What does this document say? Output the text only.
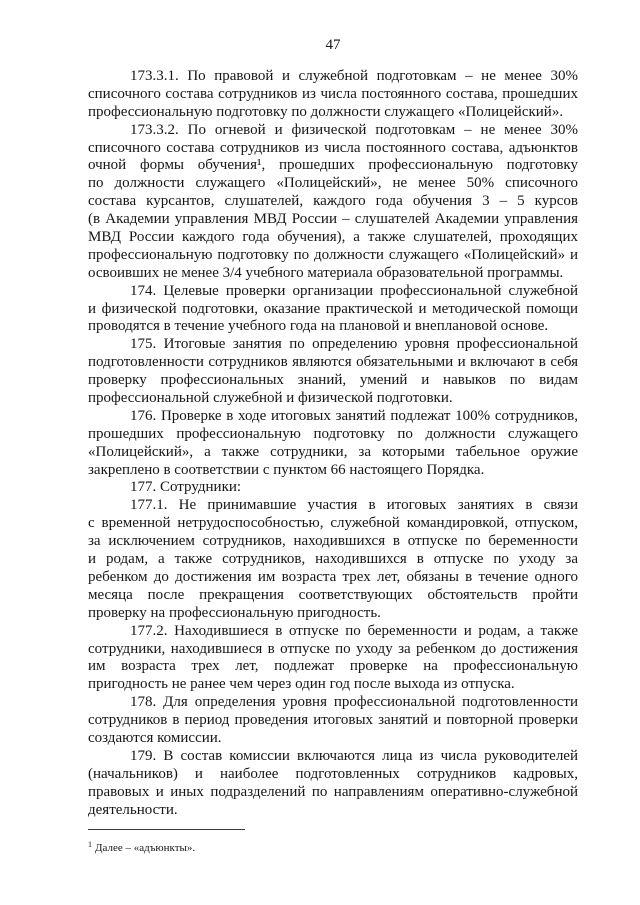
47
173.3.1. По правовой и служебной подготовкам – не менее 30%
списочного состава сотрудников из числа постоянного состава, прошедших
профессиональную подготовку по должности служащего «Полицейский».
173.3.2. По огневой и физической подготовкам – не менее 30%
списочного состава сотрудников из числа постоянного состава, адъюнктов
очной формы обучения¹, прошедших профессиональную подготовку
по должности служащего «Полицейский», не менее 50% списочного
состава курсантов, слушателей, каждого года обучения 3 – 5 курсов
(в Академии управления МВД России – слушателей Академии управления
МВД России каждого года обучения), а также слушателей, проходящих
профессиональную подготовку по должности служащего «Полицейский» и
освоивших не менее 3/4 учебного материала образовательной программы.
174. Целевые проверки организации профессиональной служебной
и физической подготовки, оказание практической и методической помощи
проводятся в течение учебного года на плановой и внеплановой основе.
175. Итоговые занятия по определению уровня профессиональной
подготовленности сотрудников являются обязательными и включают в себя
проверку профессиональных знаний, умений и навыков по видам
профессиональной служебной и физической подготовки.
176. Проверке в ходе итоговых занятий подлежат 100% сотрудников,
прошедших профессиональную подготовку по должности служащего
«Полицейский», а также сотрудники, за которыми табельное оружие
закреплено в соответствии с пунктом 66 настоящего Порядка.
177. Сотрудники:
177.1. Не принимавшие участия в итоговых занятиях в связи
с временной нетрудоспособностью, служебной командировкой, отпуском,
за исключением сотрудников, находившихся в отпуске по беременности
и родам, а также сотрудников, находившихся в отпуске по уходу за
ребенком до достижения им возраста трех лет, обязаны в течение одного
месяца после прекращения соответствующих обстоятельств пройти
проверку на профессиональную пригодность.
177.2. Находившиеся в отпуске по беременности и родам, а также
сотрудники, находившиеся в отпуске по уходу за ребенком до достижения
им возраста трех лет, подлежат проверке на профессиональную
пригодность не ранее чем через один год после выхода из отпуска.
178. Для определения уровня профессиональной подготовленности
сотрудников в период проведения итоговых занятий и повторной проверки
создаются комиссии.
179. В состав комиссии включаются лица из числа руководителей
(начальников) и наиболее подготовленных сотрудников кадровых,
правовых и иных подразделений по направлениям оперативно-служебной
деятельности.
$^1$ Далее – «адъюнкты».
